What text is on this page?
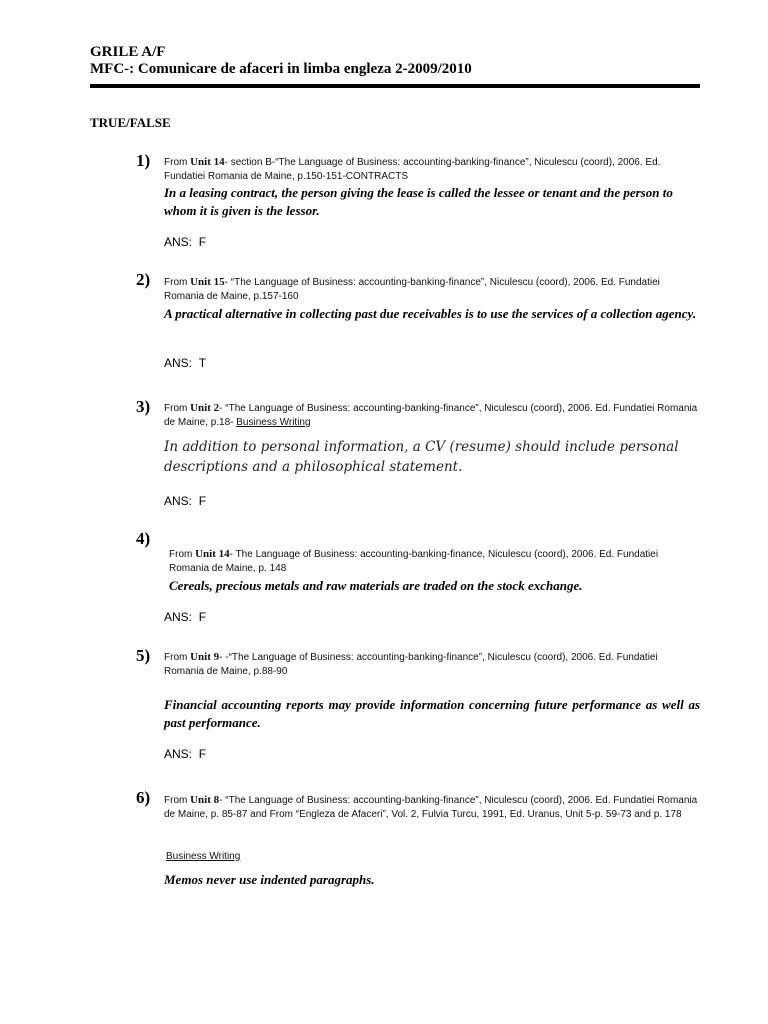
GRILE A/F
MFC-: Comunicare de afaceri in limba engleza 2-2009/2010
TRUE/FALSE
1) From Unit 14- section B-“The Language of Business: accounting-banking-finance”, Niculescu (coord), 2006. Ed. Fundatiei Romania de Maine, p.150-151-CONTRACTS
In a leasing contract, the person giving the lease is called the lessee or tenant and the person to whom it is given is the lessor.
ANS: F
2) From Unit 15- “The Language of Business: accounting-banking-finance”, Niculescu (coord), 2006. Ed. Fundatiei Romania de Maine, p.157-160
A practical alternative in collecting past due receivables is to use the services of a collection agency.
ANS: T
3) From Unit 2- “The Language of Business: accounting-banking-finance”, Niculescu (coord), 2006. Ed. Fundatiei Romania de Maine, p.18- Business Writing
In addition to personal information, a CV (resume) should include personal descriptions and a philosophical statement.
ANS: F
4)
From Unit 14- The Language of Business: accounting-banking-finance, Niculescu (coord), 2006. Ed. Fundatiei Romania de Maine, p. 148
Cereals, precious metals and raw materials are traded on the stock exchange.
ANS: F
5) From Unit 9- -“The Language of Business: accounting-banking-finance”, Niculescu (coord), 2006. Ed. Fundatiei Romania de Maine, p.88-90
Financial accounting reports may provide information concerning future performance as well as past performance.
ANS: F
6) From Unit 8- “The Language of Business: accounting-banking-finance”, Niculescu (coord), 2006. Ed. Fundatiei Romania de Maine, p. 85-87 and From “Engleza de Afaceri”, Vol. 2, Fulvia Turcu, 1991, Ed. Uranus, Unit 5-p. 59-73 and p. 178
Business Writing
Memos never use indented paragraphs.
